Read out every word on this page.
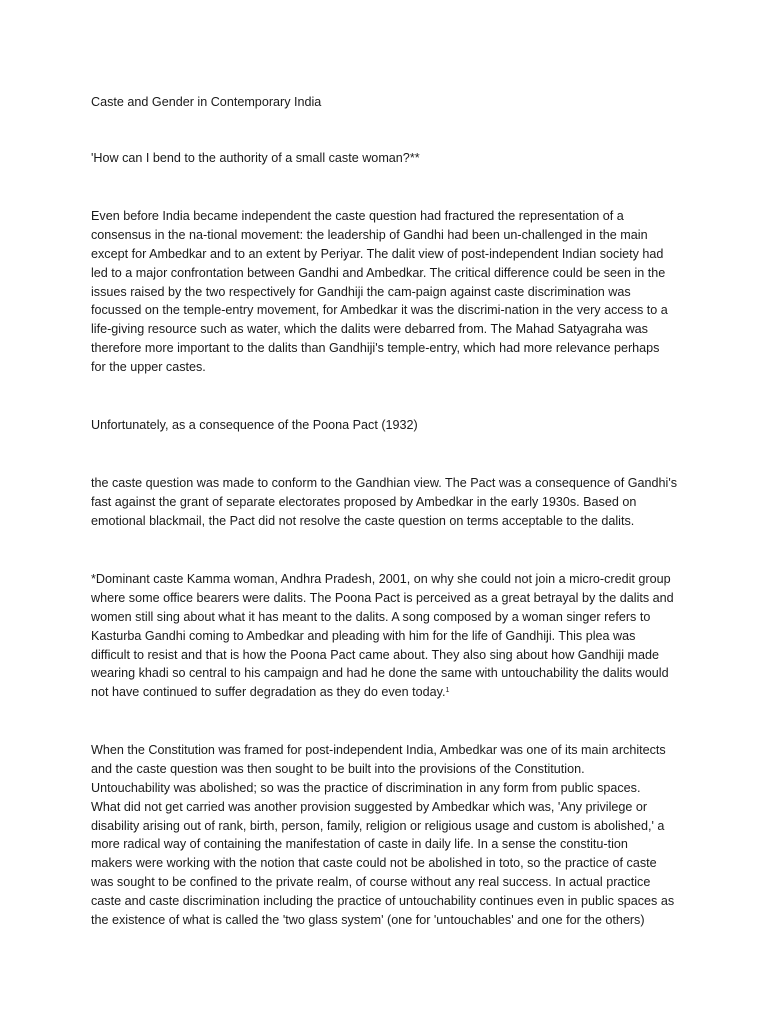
Caste and Gender in Contemporary India

'How can I bend to the authority of a small caste woman?**

Even before India became independent the caste question had fractured the representation of a
consensus in the na-tional movement: the leadership of Gandhi had been un-challenged in the main
except for Ambedkar and to an extent by Periyar. The dalit view of post-independent Indian society had
led to a major confrontation between Gandhi and Ambedkar. The critical difference could be seen in the
issues raised by the two respectively for Gandhiji the cam-paign against caste discrimination was
focussed on the temple-entry movement, for Ambedkar it was the discrimi-nation in the very access to a
life-giving resource such as water, which the dalits were debarred from. The Mahad Satyagraha was
therefore more important to the dalits than Gandhiji's temple-entry, which had more relevance perhaps
for the upper castes.

Unfortunately, as a consequence of the Poona Pact (1932)

the caste question was made to conform to the Gandhian view. The Pact was a consequence of Gandhi's
fast against the grant of separate electorates proposed by Ambedkar in the early 1930s. Based on
emotional blackmail, the Pact did not resolve the caste question on terms acceptable to the dalits.

*Dominant caste Kamma woman, Andhra Pradesh, 2001, on why she could not join a micro-credit group
where some office bearers were dalits. The Poona Pact is perceived as a great betrayal by the dalits and
women still sing about what it has meant to the dalits. A song composed by a woman singer refers to
Kasturba Gandhi coming to Ambedkar and pleading with him for the life of Gandhiji. This plea was
difficult to resist and that is how the Poona Pact came about. They also sing about how Gandhiji made
wearing khadi so central to his campaign and had he done the same with untouchability the dalits would
not have continued to suffer degradation as they do even today.$^1$

When the Constitution was framed for post-independent India, Ambedkar was one of its main architects
and the caste question was then sought to be built into the provisions of the Constitution.
Untouchability was abolished; so was the practice of discrimination in any form from public spaces.
What did not get carried was another provision suggested by Ambedkar which was, 'Any privilege or
disability arising out of rank, birth, person, family, religion or religious usage and custom is abolished,' a
more radical way of containing the manifestation of caste in daily life. In a sense the constitu-tion
makers were working with the notion that caste could not be abolished in toto, so the practice of caste
was sought to be confined to the private realm, of course without any real success. In actual practice
caste and caste discrimination including the practice of untouchability continues even in public spaces as
the existence of what is called the 'two glass system' (one for 'untouchables' and one for the others)
